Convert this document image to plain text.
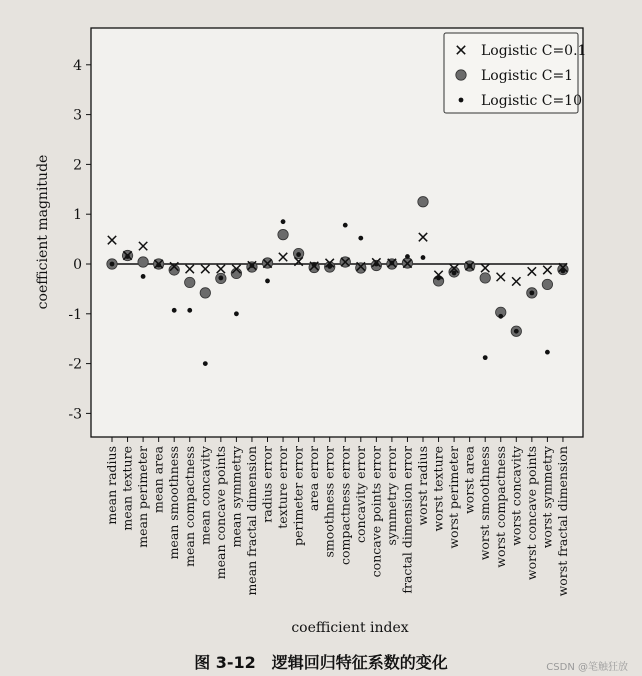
-3
-2
-1
0
1
2
3
4
mean radius mean texture mean perimeter mean area mean smoothness mean compactness mean concavity mean concave points mean symmetry mean fractal dimension radius error texture error perimeter error area error smoothness error compactness error concavity error concave points error symmetry error fractal dimension error worst radius worst texture worst perimeter worst area worst smoothness worst compactness worst concavity worst concave points worst symmetry worst fractal dimension
coefficient index
coefficient magnitude
Logistic C=0.1
Logistic C=1
Logistic C=10
图 3-12　逻辑回归特征系数的变化	CSDN @笔触狂放
